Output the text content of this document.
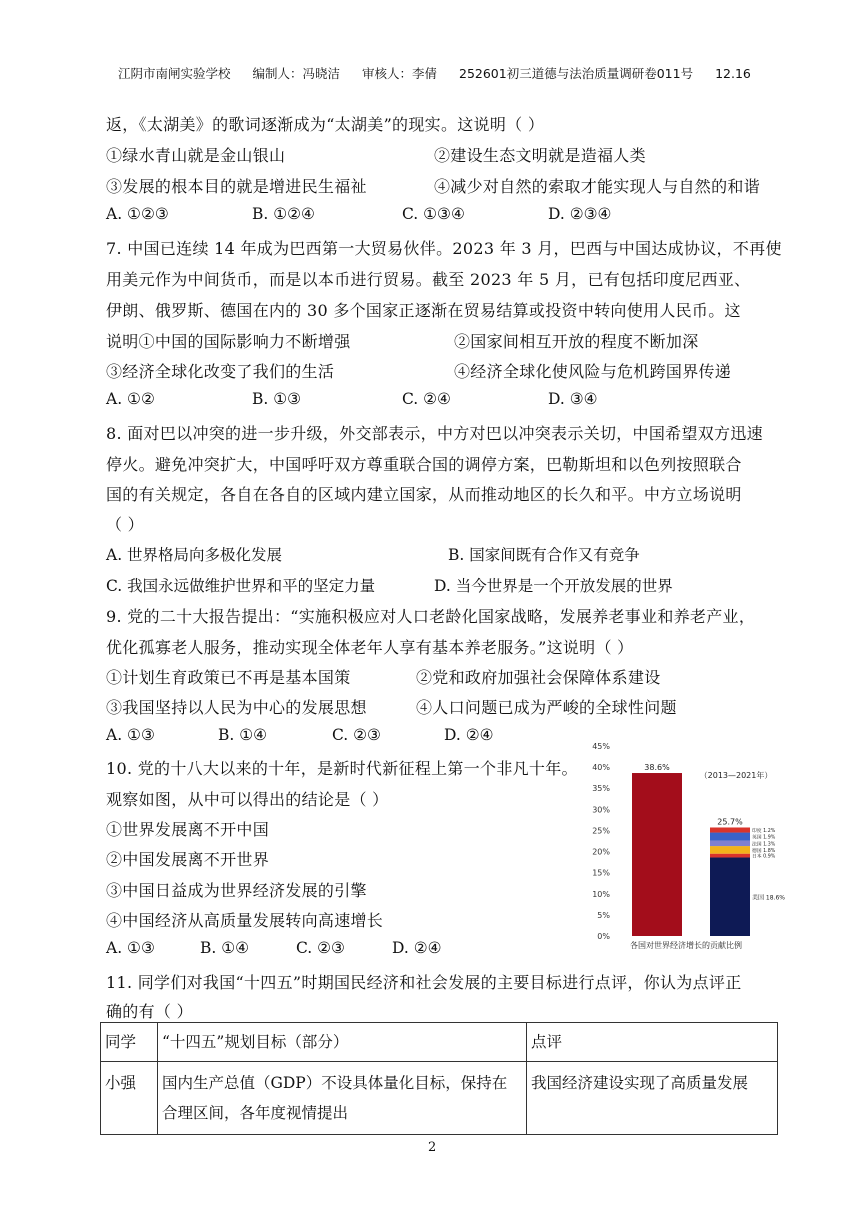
江阴市南闸实验学校 编制人：冯晓洁 审核人：李倩 252601初三道德与法治质量调研卷011号 12.16
返，《太湖美》的歌词逐渐成为“太湖美”的现实。这说明（ ）
①绿水青山就是金山银山	②建设生态文明就是造福人类
③发展的根本目的就是增进民生福祉	④减少对自然的索取才能实现人与自然的和谐
A. ①②③	B. ①②④	C. ①③④	D. ②③④
7. 中国已连续 14 年成为巴西第一大贸易伙伴。2023 年 3 月，巴西与中国达成协议，不再使
用美元作为中间货币，而是以本币进行贸易。截至 2023 年 5 月，已有包括印度尼西亚、
伊朗、俄罗斯、德国在内的 30 多个国家正逐渐在贸易结算或投资中转向使用人民币。这
说明①中国的国际影响力不断增强	②国家间相互开放的程度不断加深
③经济全球化改变了我们的生活	④经济全球化使风险与危机跨国界传递
A. ①②	B. ①③	C. ②④	D. ③④
8. 面对巴以冲突的进一步升级，外交部表示，中方对巴以冲突表示关切，中国希望双方迅速
停火。避免冲突扩大，中国呼吁双方尊重联合国的调停方案，巴勒斯坦和以色列按照联合
国的有关规定，各自在各自的区域内建立国家，从而推动地区的长久和平。中方立场说明
（ ）
A. 世界格局向多极化发展	B. 国家间既有合作又有竞争
C. 我国永远做维护世界和平的坚定力量	D. 当今世界是一个开放发展的世界
9. 党的二十大报告提出：“实施积极应对人口老龄化国家战略，发展养老事业和养老产业，
优化孤寡老人服务，推动实现全体老年人享有基本养老服务。”这说明（ ）
①计划生育政策已不再是基本国策	②党和政府加强社会保障体系建设
③我国坚持以人民为中心的发展思想	④人口问题已成为严峻的全球性问题
A. ①③	B. ①④	C. ②③	D. ②④
10. 党的十八大以来的十年，是新时代新征程上第一个非凡十年。
观察如图，从中可以得出的结论是（ ）
①世界发展离不开中国
②中国发展离不开世界
③中国日益成为世界经济发展的引擎
④中国经济从高质量发展转向高速增长
A. ①③	B. ①④	C. ②③	D. ②④
0%
5%
10%
15%
20%
25%
30%
35%
40%
45%
38.6%
25.7%
美国 18.6%
日本 0.9%
德国 1.8%
法国 1.3%
英国 1.9%
印度 1.2%
（2013—2021年）
各国对世界经济增长的贡献比例
11. 同学们对我国“十四五”时期国民经济和社会发展的主要目标进行点评，你认为点评正
确的有（ ）
同学	“十四五”规划目标（部分）	点评
小强	国内生产总值（GDP）不设具体量化目标，保持在合理区间，各年度视情提出	我国经济建设实现了高质量发展
2
